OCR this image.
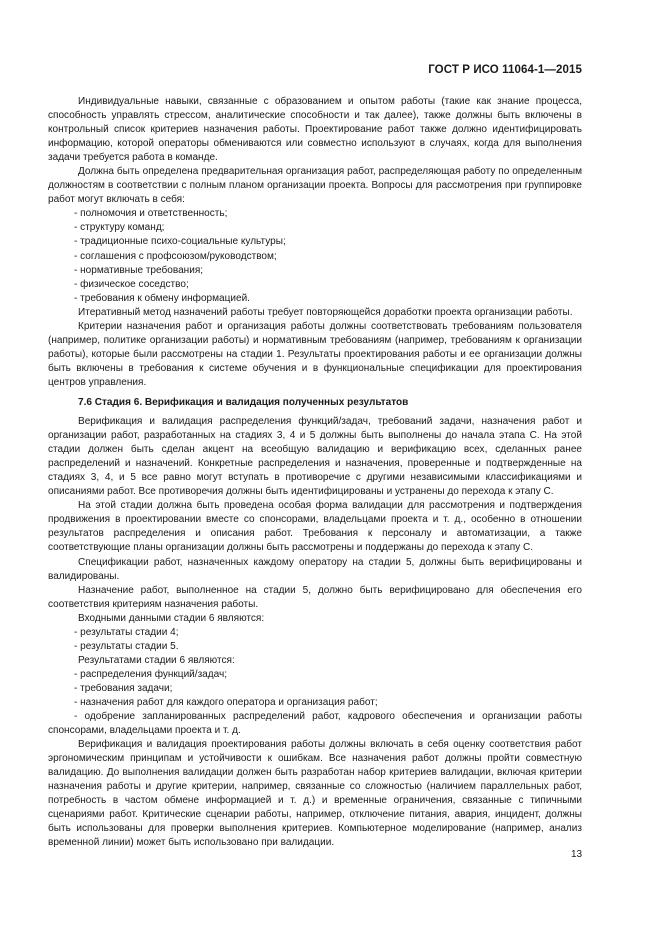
ГОСТ Р ИСО 11064-1—2015

Индивидуальные навыки, связанные с образованием и опытом работы (такие как знание процесса, способность управлять стрессом, аналитические способности и так далее), также должны быть включены в контрольный список критериев назначения работы. Проектирование работ также должно идентифицировать информацию, которой операторы обмениваются или совместно используют в случаях, когда для выполнения задачи требуется работа в команде.

Должна быть определена предварительная организация работ, распределяющая работу по определенным должностям в соответствии с полным планом организации проекта. Вопросы для рассмотрения при группировке работ могут включать в себя:

- полномочия и ответственность;

- структуру команд;

- традиционные психо-социальные культуры;

- соглашения с профсоюзом/руководством;

- нормативные требования;

- физическое соседство;

- требования к обмену информацией.

Итеративный метод назначений работы требует повторяющейся доработки проекта организации работы.

Критерии назначения работ и организация работы должны соответствовать требованиям пользователя (например, политике организации работы) и нормативным требованиям (например, требованиям к организации работы), которые были рассмотрены на стадии 1. Результаты проектирования работы и ее организации должны быть включены в требования к системе обучения и в функциональные спецификации для проектирования центров управления.

7.6 Стадия 6. Верификация и валидация полученных результатов

Верификация и валидация распределения функций/задач, требований задачи, назначения работ и организации работ, разработанных на стадиях 3, 4 и 5 должны быть выполнены до начала этапа С. На этой стадии должен быть сделан акцент на всеобщую валидацию и верификацию всех, сделанных ранее распределений и назначений. Конкретные распределения и назначения, проверенные и подтвержденные на стадиях 3, 4, и 5 все равно могут вступать в противоречие с другими независимыми классификациями и описаниями работ. Все противоречия должны быть идентифицированы и устранены до перехода к этапу С.

На этой стадии должна быть проведена особая форма валидации для рассмотрения и подтверждения продвижения в проектировании вместе со спонсорами, владельцами проекта и т. д., особенно в отношении результатов распределения и описания работ. Требования к персоналу и автоматизации, а также соответствующие планы организации должны быть рассмотрены и поддержаны до перехода к этапу С.

Спецификации работ, назначенных каждому оператору на стадии 5, должны быть верифицированы и валидированы.

Назначение работ, выполненное на стадии 5, должно быть верифицировано для обеспечения его соответствия критериям назначения работы.

Входными данными стадии 6 являются:

- результаты стадии 4;

- результаты стадии 5.

Результатами стадии 6 являются:

- распределения функций/задач;

- требования задачи;

- назначения работ для каждого оператора и организация работ;

- одобрение запланированных распределений работ, кадрового обеспечения и организации работы спонсорами, владельцами проекта и т. д.

Верификация и валидация проектирования работы должны включать в себя оценку соответствия работ эргономическим принципам и устойчивости к ошибкам. Все назначения работ должны пройти совместную валидацию. До выполнения валидации должен быть разработан набор критериев валидации, включая критерии назначения работы и другие критерии, например, связанные со сложностью (наличием параллельных работ, потребность в частом обмене информацией и т. д.) и временные ограничения, связанные с типичными сценариями работ. Критические сценарии работы, например, отключение питания, авария, инцидент, должны быть использованы для проверки выполнения критериев. Компьютерное моделирование (например, анализ временной линии) может быть использовано при валидации.

13
